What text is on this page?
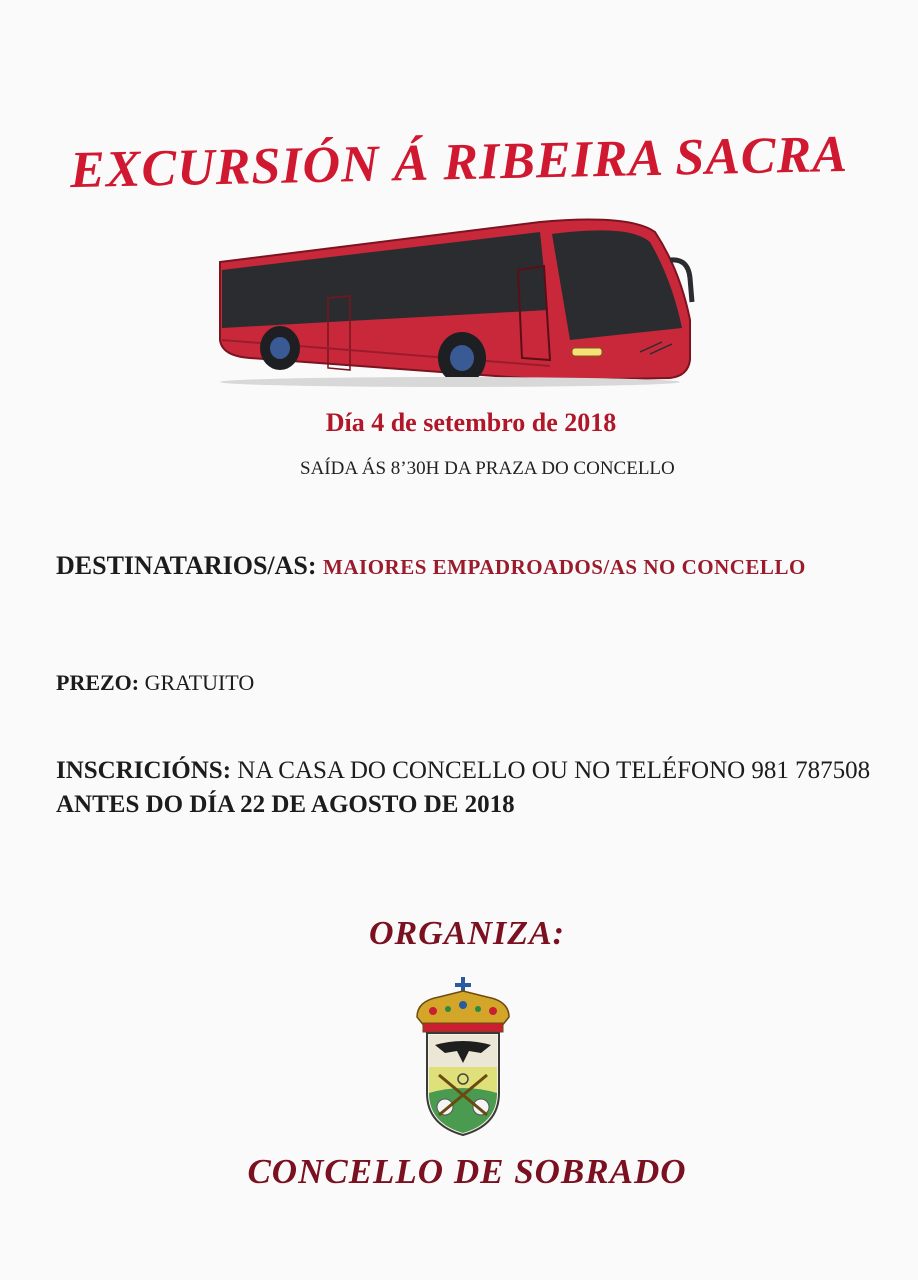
EXCURSIÓN Á RIBEIRA SACRA
Día 4 de setembro de 2018
SAÍDA ÁS 8’30H DA PRAZA DO CONCELLO
DESTINATARIOS/AS: MAIORES EMPADROADOS/AS NO CONCELLO
PREZO: GRATUITO
INSCRICIÓNS: NA CASA DO CONCELLO OU NO TELÉFONO 981 787508 ANTES DO DÍA 22 DE AGOSTO DE 2018
ORGANIZA:
CONCELLO DE SOBRADO
